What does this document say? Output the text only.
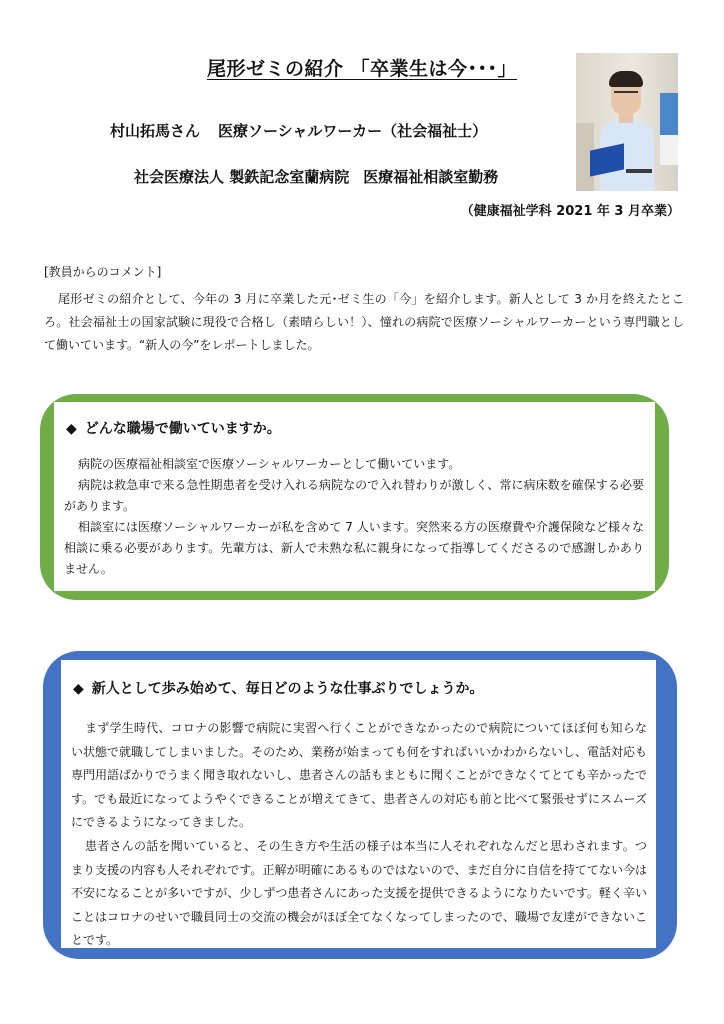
尾形ゼミの紹介 「卒業生は今･･･」
村山拓馬さん 医療ソーシャルワーカー（社会福祉士）
社会医療法人 製鉄記念室蘭病院 医療福祉相談室勤務
（健康福祉学科 2021 年 3 月卒業）
[教員からのコメント]

尾形ゼミの紹介として、今年の 3 月に卒業した元･ゼミ生の「今」を紹介します。新人として 3 か月を終えたところ。社会福祉士の国家試験に現役で合格し（素晴らしい！）、憧れの病院で医療ソーシャルワーカーという専門職として働いています。“新人の今”をレポートしました。

◆ どんな職場で働いていますか。

病院の医療福祉相談室で医療ソーシャルワーカーとして働いています。

病院は救急車で来る急性期患者を受け入れる病院なので入れ替わりが激しく、常に病床数を確保する必要があります。

相談室には医療ソーシャルワーカーが私を含めて 7 人います。突然来る方の医療費や介護保険など様々な相談に乗る必要があります。先輩方は、新人で未熟な私に親身になって指導してくださるので感謝しかありません。

◆ 新人として歩み始めて、毎日どのような仕事ぶりでしょうか。

まず学生時代、コロナの影響で病院に実習へ行くことができなかったので病院についてほぼ何も知らない状態で就職してしまいました。そのため、業務が始まっても何をすればいいかわからないし、電話対応も専門用語ばかりでうまく聞き取れないし、患者さんの話もまともに聞くことができなくてとても辛かったです。でも最近になってようやくできることが増えてきて、患者さんの対応も前と比べて緊張せずにスムーズにできるようになってきました。

患者さんの話を聞いていると、その生き方や生活の様子は本当に人それぞれなんだと思わされます。つまり支援の内容も人それぞれです。正解が明確にあるものではないので、まだ自分に自信を持ててない今は不安になることが多いですが、少しずつ患者さんにあった支援を提供できるようになりたいです。軽く辛いことはコロナのせいで職員同士の交流の機会がほぼ全てなくなってしまったので、職場で友達ができないことです。
